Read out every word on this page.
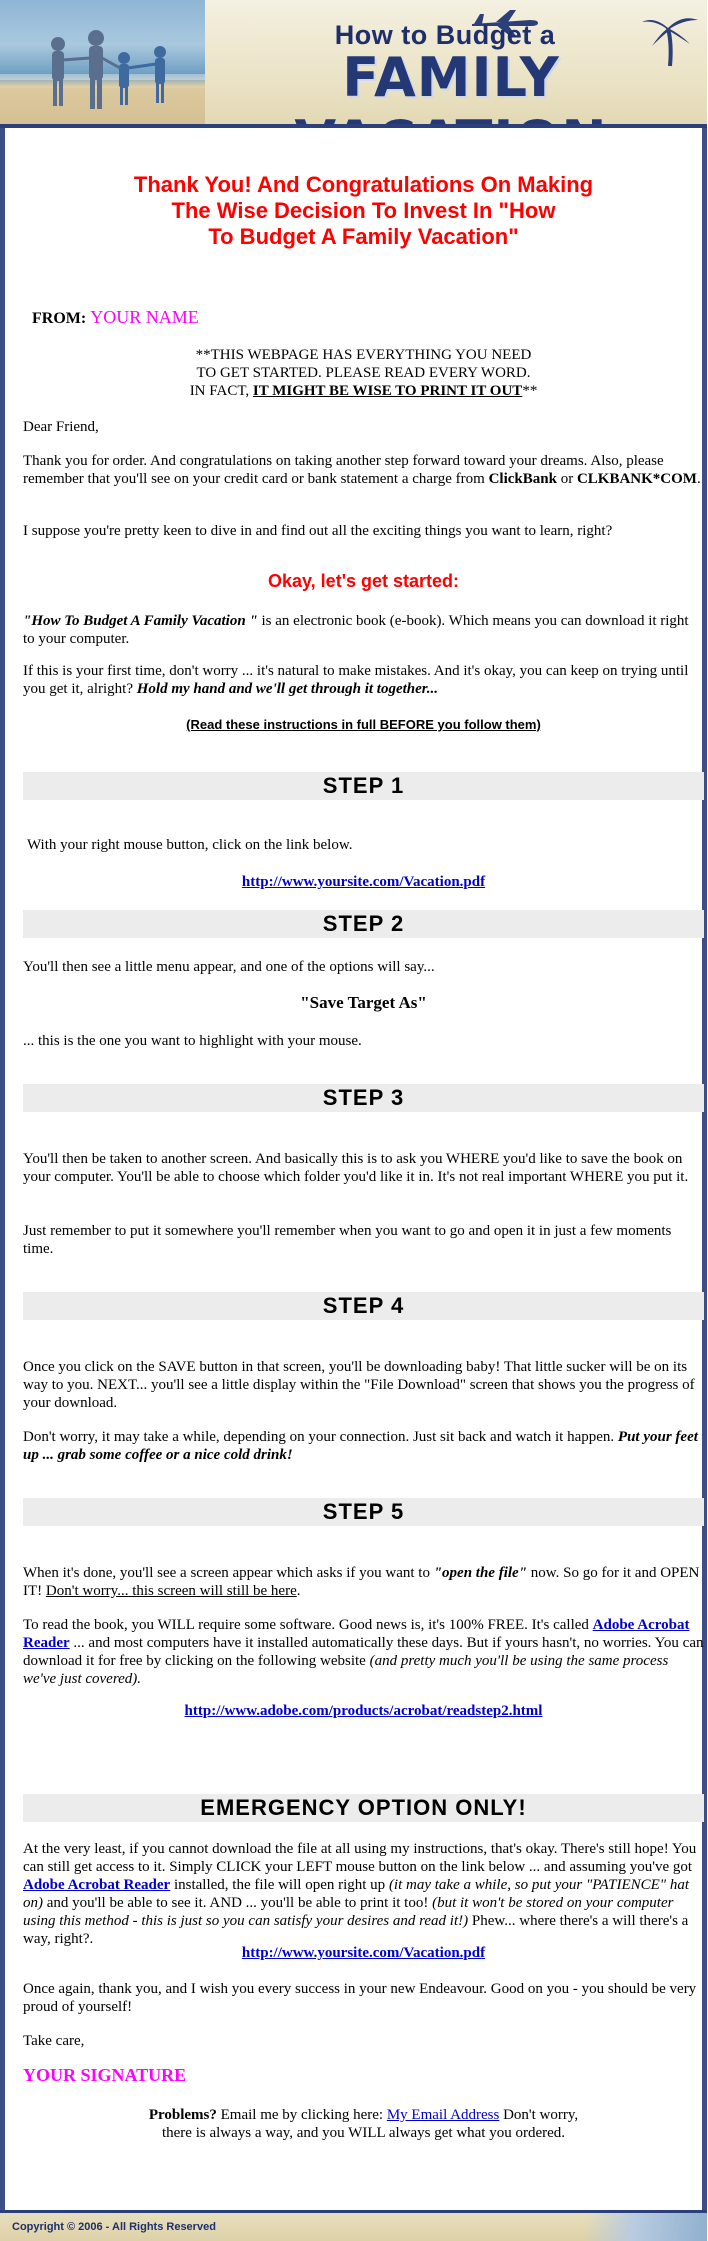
How to Budget a
FAMILY
Thank You! And Congratulations On Making
The Wise Decision To Invest In "How
To Budget A Family Vacation"
FROM: YOUR NAME
**THIS WEBPAGE HAS EVERYTHING YOU NEED
TO GET STARTED. PLEASE READ EVERY WORD.
IN FACT, IT MIGHT BE WISE TO PRINT IT OUT**

Dear Friend,

Thank you for order. And congratulations on taking another step forward toward your dreams. Also, please remember that you'll see on your credit card or bank statement a charge from ClickBank or CLKBANK*COM.

I suppose you're pretty keen to dive in and find out all the exciting things you want to learn, right?

Okay, let's get started:

"How To Budget A Family Vacation " is an electronic book (e-book). Which means you can download it right to your computer.

If this is your first time, don't worry ... it's natural to make mistakes. And it's okay, you can keep on trying until you get it, alright? Hold my hand and we'll get through it together...

(Read these instructions in full BEFORE you follow them)

STEP 1

With your right mouse button, click on the link below.

http://www.yoursite.com/Vacation.pdf

STEP 2

You'll then see a little menu appear, and one of the options will say...

"Save Target As"

... this is the one you want to highlight with your mouse.

STEP 3

You'll then be taken to another screen. And basically this is to ask you WHERE you'd like to save the book on your computer. You'll be able to choose which folder you'd like it in. It's not real important WHERE you put it.

Just remember to put it somewhere you'll remember when you want to go and open it in just a few moments time.

STEP 4

Once you click on the SAVE button in that screen, you'll be downloading baby! That little sucker will be on its way to you. NEXT... you'll see a little display within the "File Download" screen that shows you the progress of your download.

Don't worry, it may take a while, depending on your connection. Just sit back and watch it happen. Put your feet up ... grab some coffee or a nice cold drink!

STEP 5

When it's done, you'll see a screen appear which asks if you want to "open the file" now. So go for it and OPEN IT! Don't worry... this screen will still be here.

To read the book, you WILL require some software. Good news is, it's 100% FREE. It's called Adobe Acrobat Reader ... and most computers have it installed automatically these days. But if yours hasn't, no worries. You can download it for free by clicking on the following website (and pretty much you'll be using the same process we've just covered).

http://www.adobe.com/products/acrobat/readstep2.html

EMERGENCY OPTION ONLY!

At the very least, if you cannot download the file at all using my instructions, that's okay. There's still hope! You can still get access to it. Simply CLICK your LEFT mouse button on the link below ... and assuming you've got Adobe Acrobat Reader installed, the file will open right up (it may take a while, so put your "PATIENCE" hat on) and you'll be able to see it. AND ... you'll be able to print it too! (but it won't be stored on your computer using this method - this is just so you can satisfy your desires and read it!) Phew... where there's a will there's a way, right?.

http://www.yoursite.com/Vacation.pdf

Once again, thank you, and I wish you every success in your new Endeavour. Good on you - you should be very proud of yourself!

Take care,

YOUR SIGNATURE

Problems? Email me by clicking here: My Email Address Don't worry,
there is always a way, and you WILL always get what you ordered.
Copyright © 2006 - All Rights Reserved
